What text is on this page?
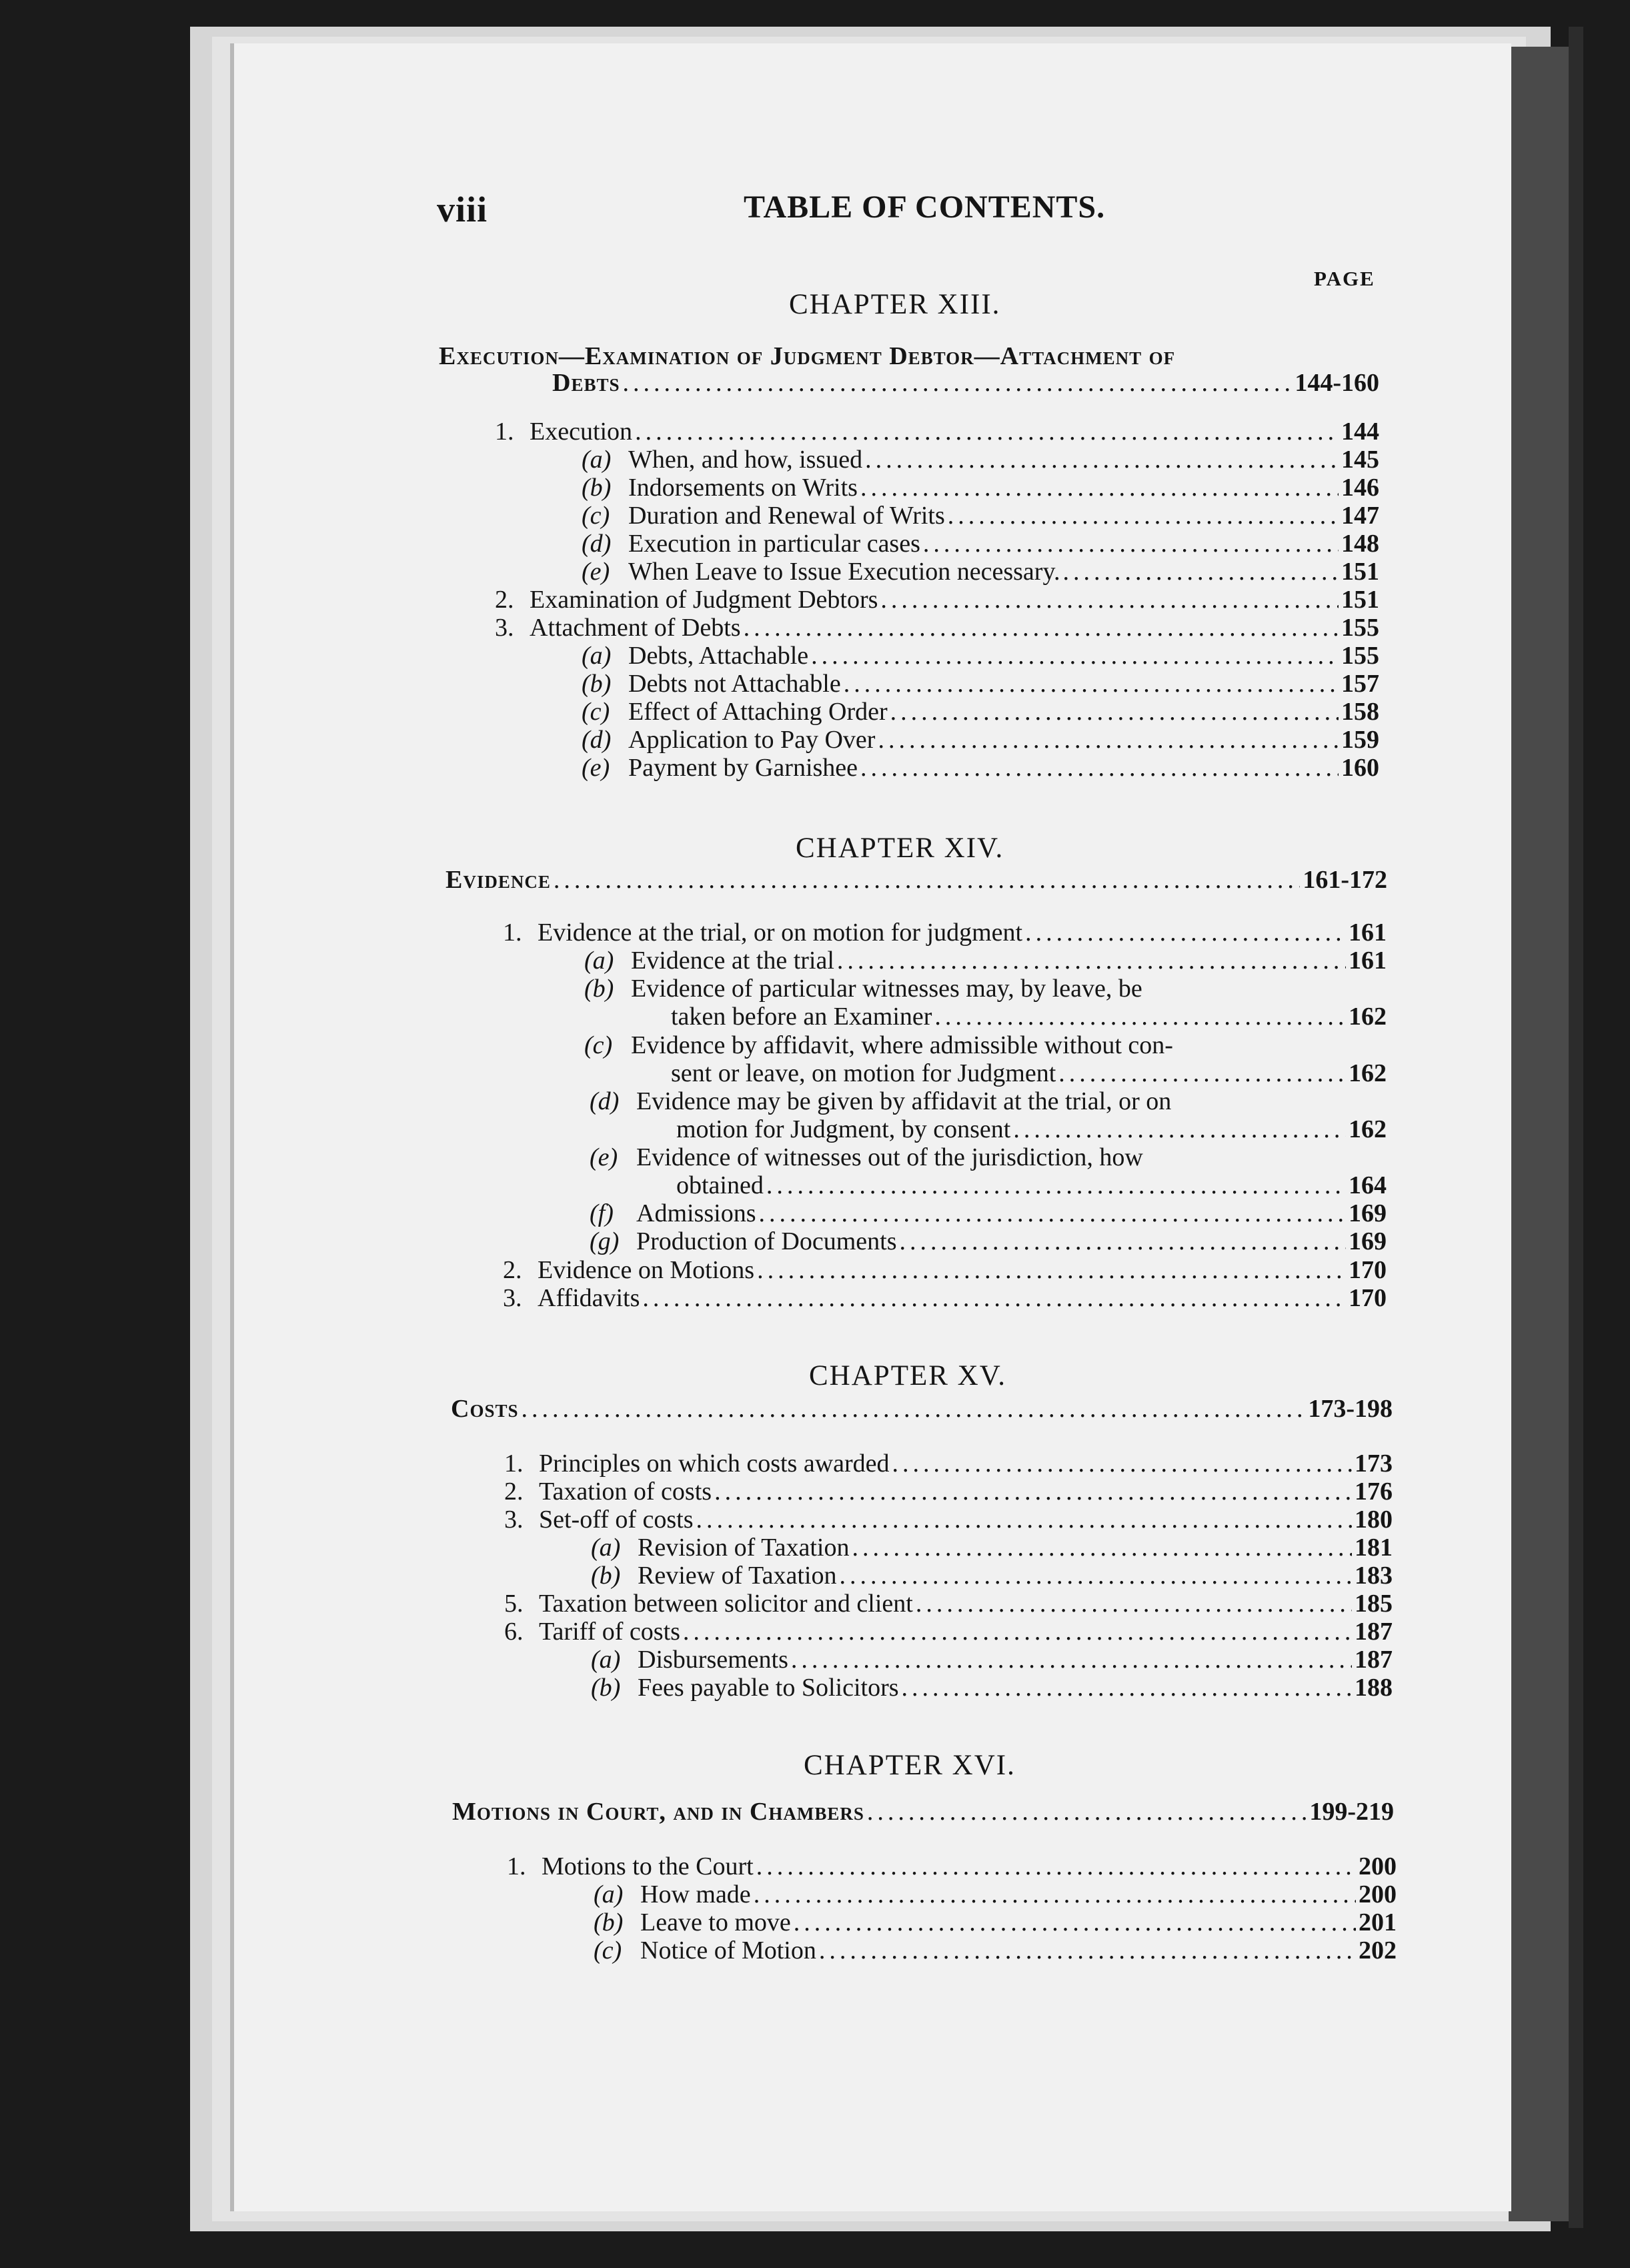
viii	TABLE OF CONTENTS.
PAGE
CHAPTER XIII.
Execution—Examination of Judgment Debtor—Attachment of
Debts .....	144-160
1. Execution .....	144
(a) When, and how, issued .....	145
(b) Indorsements on Writs .....	146
(c) Duration and Renewal of Writs .....	147
(d) Execution in particular cases .....	148
(e) When Leave to Issue Execution necessary. .....	151
2. Examination of Judgment Debtors .....	151
3. Attachment of Debts .....	155
(a) Debts, Attachable .....	155
(b) Debts not Attachable .....	157
(c) Effect of Attaching Order .....	158
(d) Application to Pay Over .....	159
(e) Payment by Garnishee .....	160
CHAPTER XIV.
Evidence .....	161-172
1. Evidence at the trial, or on motion for judgment .....	161
(a) Evidence at the trial .....	161
(b) Evidence of particular witnesses may, by leave, be
taken before an Examiner .....	162
(c) Evidence by affidavit, where admissible without con-
sent or leave, on motion for Judgment .....	162
(d) Evidence may be given by affidavit at the trial, or on
motion for Judgment, by consent .....	162
(e) Evidence of witnesses out of the jurisdiction, how
obtained .....	164
(f) Admissions .....	169
(g) Production of Documents .....	169
2. Evidence on Motions .....	170
3. Affidavits .....	170
CHAPTER XV.
Costs .....	173-198
1. Principles on which costs awarded .....	173
2. Taxation of costs .....	176
3. Set-off of costs .....	180
(a) Revision of Taxation .....	181
(b) Review of Taxation .....	183
5. Taxation between solicitor and client .....	185
6. Tariff of costs .....	187
(a) Disbursements .....	187
(b) Fees payable to Solicitors .....	188
CHAPTER XVI.
Motions in Court, and in Chambers .....	199-219
1. Motions to the Court .....	200
(a) How made .....	200
(b) Leave to move .....	201
(c) Notice of Motion .....	202
